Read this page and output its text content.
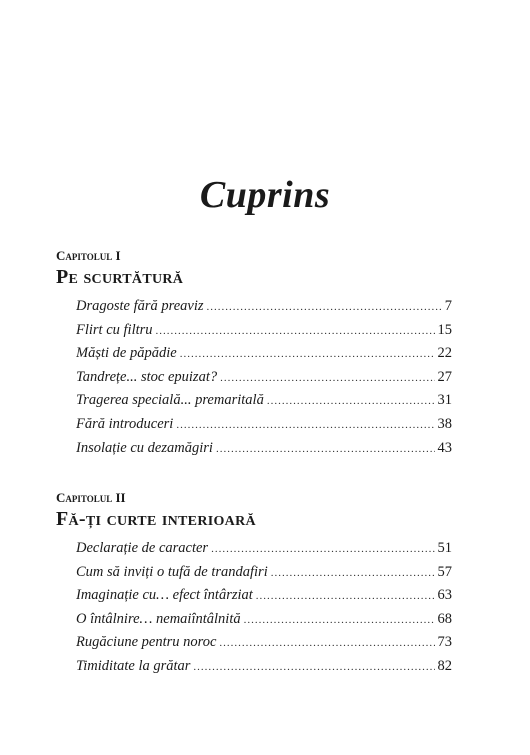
Cuprins

Capitolul I

Pe scurtătură
Dragoste fără preaviz .....	7
Flirt cu filtru .....	15
Măști de păpădie .....	22
Tandrețe... stoc epuizat? .....	27
Tragerea specială... premaritală .....	31
Fără introduceri .....	38
Insolație cu dezamăgiri .....	43

Capitolul II

Fă-ți curte interioară
Declarație de caracter .....	51
Cum să inviți o tufă de trandafiri .....	57
Imaginație cu… efect întârziat .....	63
O întâlnire… nemaiîntâlnită .....	68
Rugăciune pentru noroc .....	73
Timiditate la grătar .....	82
